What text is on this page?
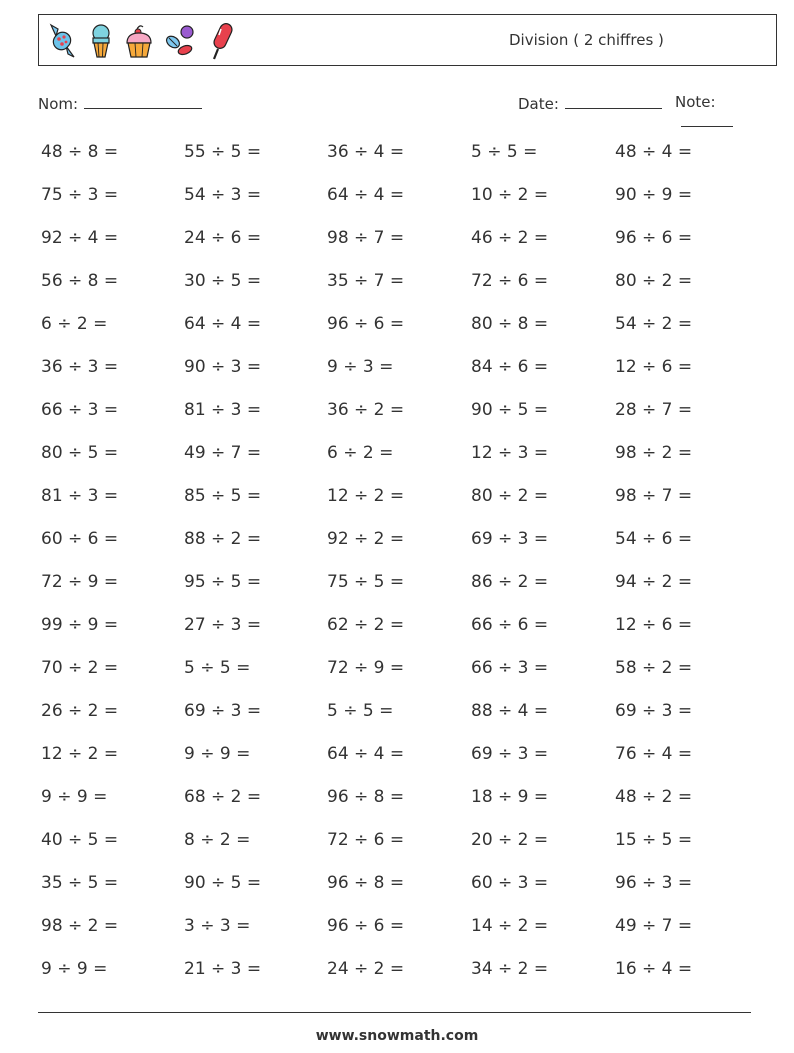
Division ( 2 chiffres )
Nom:	Date:	Note:
48 ÷ 8 =	55 ÷ 5 =	36 ÷ 4 =	5 ÷ 5 =	48 ÷ 4 =
75 ÷ 3 =	54 ÷ 3 =	64 ÷ 4 =	10 ÷ 2 =	90 ÷ 9 =
92 ÷ 4 =	24 ÷ 6 =	98 ÷ 7 =	46 ÷ 2 =	96 ÷ 6 =
56 ÷ 8 =	30 ÷ 5 =	35 ÷ 7 =	72 ÷ 6 =	80 ÷ 2 =
6 ÷ 2 =	64 ÷ 4 =	96 ÷ 6 =	80 ÷ 8 =	54 ÷ 2 =
36 ÷ 3 =	90 ÷ 3 =	9 ÷ 3 =	84 ÷ 6 =	12 ÷ 6 =
66 ÷ 3 =	81 ÷ 3 =	36 ÷ 2 =	90 ÷ 5 =	28 ÷ 7 =
80 ÷ 5 =	49 ÷ 7 =	6 ÷ 2 =	12 ÷ 3 =	98 ÷ 2 =
81 ÷ 3 =	85 ÷ 5 =	12 ÷ 2 =	80 ÷ 2 =	98 ÷ 7 =
60 ÷ 6 =	88 ÷ 2 =	92 ÷ 2 =	69 ÷ 3 =	54 ÷ 6 =
72 ÷ 9 =	95 ÷ 5 =	75 ÷ 5 =	86 ÷ 2 =	94 ÷ 2 =
99 ÷ 9 =	27 ÷ 3 =	62 ÷ 2 =	66 ÷ 6 =	12 ÷ 6 =
70 ÷ 2 =	5 ÷ 5 =	72 ÷ 9 =	66 ÷ 3 =	58 ÷ 2 =
26 ÷ 2 =	69 ÷ 3 =	5 ÷ 5 =	88 ÷ 4 =	69 ÷ 3 =
12 ÷ 2 =	9 ÷ 9 =	64 ÷ 4 =	69 ÷ 3 =	76 ÷ 4 =
9 ÷ 9 =	68 ÷ 2 =	96 ÷ 8 =	18 ÷ 9 =	48 ÷ 2 =
40 ÷ 5 =	8 ÷ 2 =	72 ÷ 6 =	20 ÷ 2 =	15 ÷ 5 =
35 ÷ 5 =	90 ÷ 5 =	96 ÷ 8 =	60 ÷ 3 =	96 ÷ 3 =
98 ÷ 2 =	3 ÷ 3 =	96 ÷ 6 =	14 ÷ 2 =	49 ÷ 7 =
9 ÷ 9 =	21 ÷ 3 =	24 ÷ 2 =	34 ÷ 2 =	16 ÷ 4 =
www.snowmath.com
